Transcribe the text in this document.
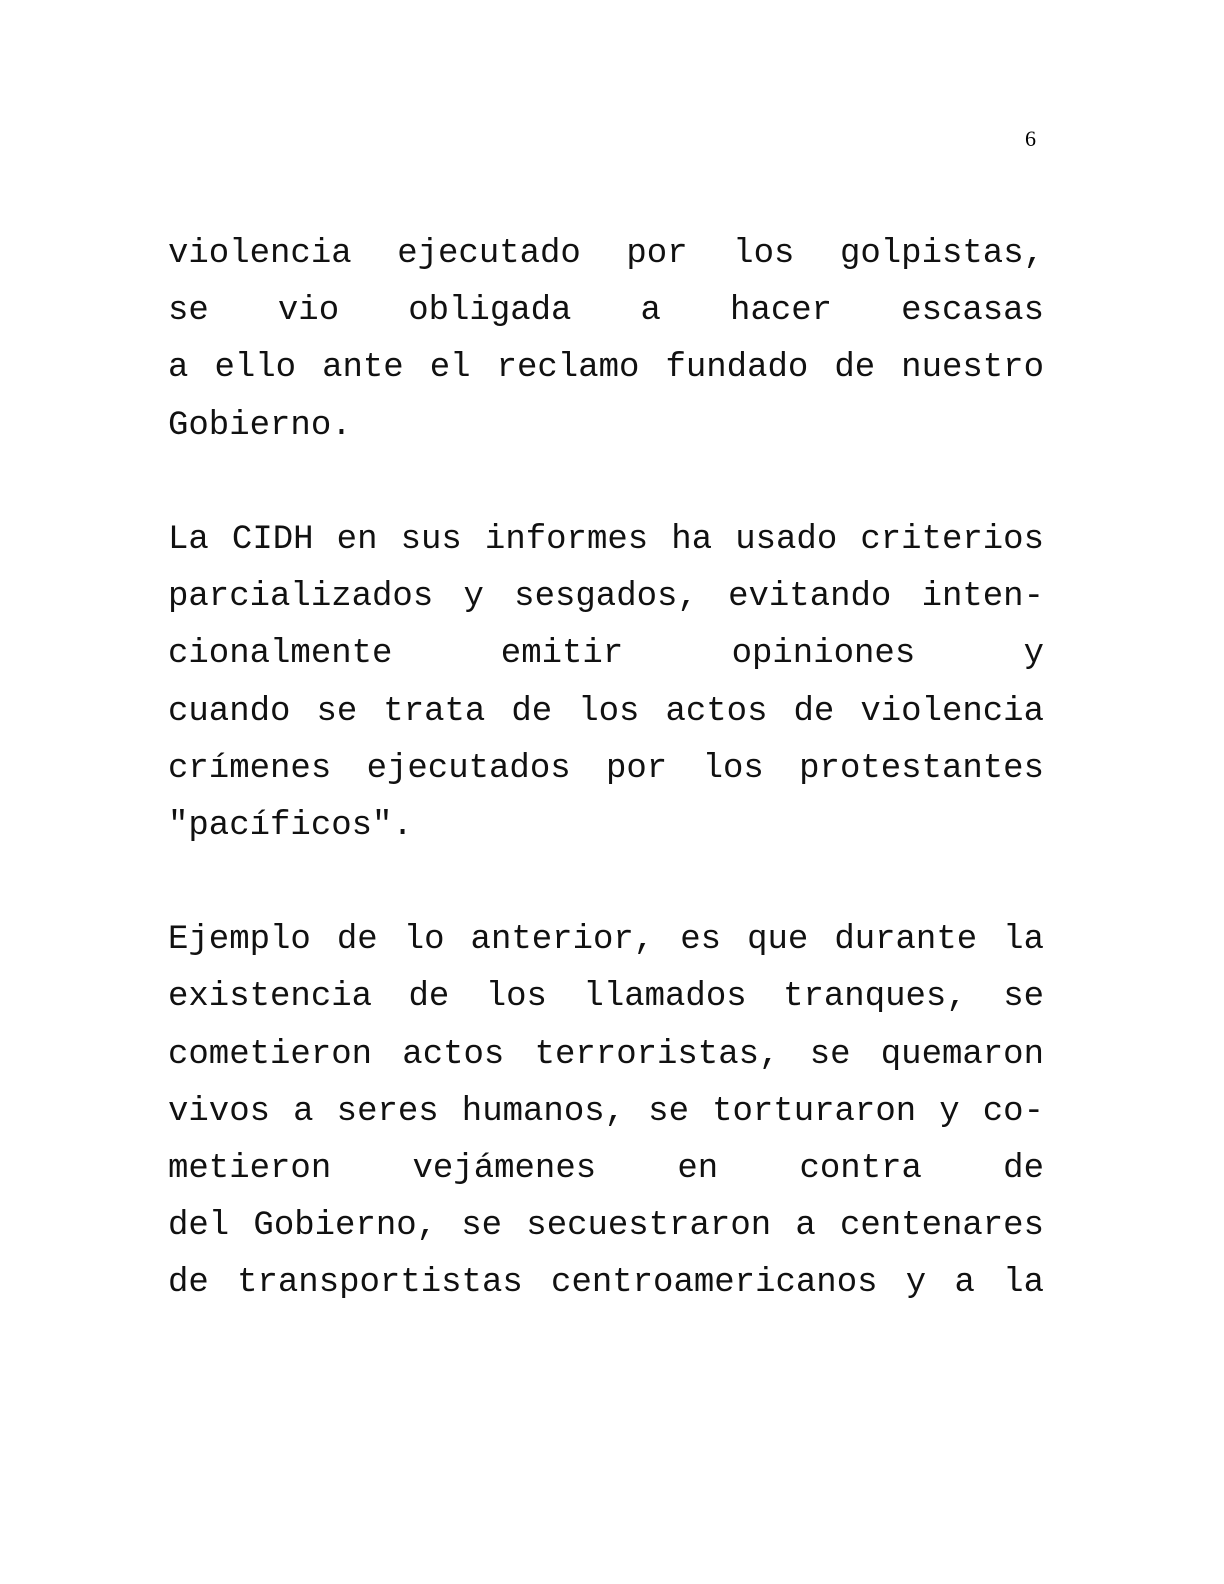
6
violencia ejecutado por los golpistas,
se vio obligada a hacer escasas
a ello ante el reclamo fundado de nuestro
Gobierno.
La CIDH en sus informes ha usado criterios
parcializados y sesgados, evitando inten-
cionalmente emitir opiniones y
cuando se trata de los actos de violencia
crímenes ejecutados por los protestantes
"pacíficos".
Ejemplo de lo anterior, es que durante la
existencia de los llamados tranques, se
cometieron actos terroristas, se quemaron
vivos a seres humanos, se torturaron y co-
metieron vejámenes en contra de
del Gobierno, se secuestraron a centenares
de transportistas centroamericanos y a la
